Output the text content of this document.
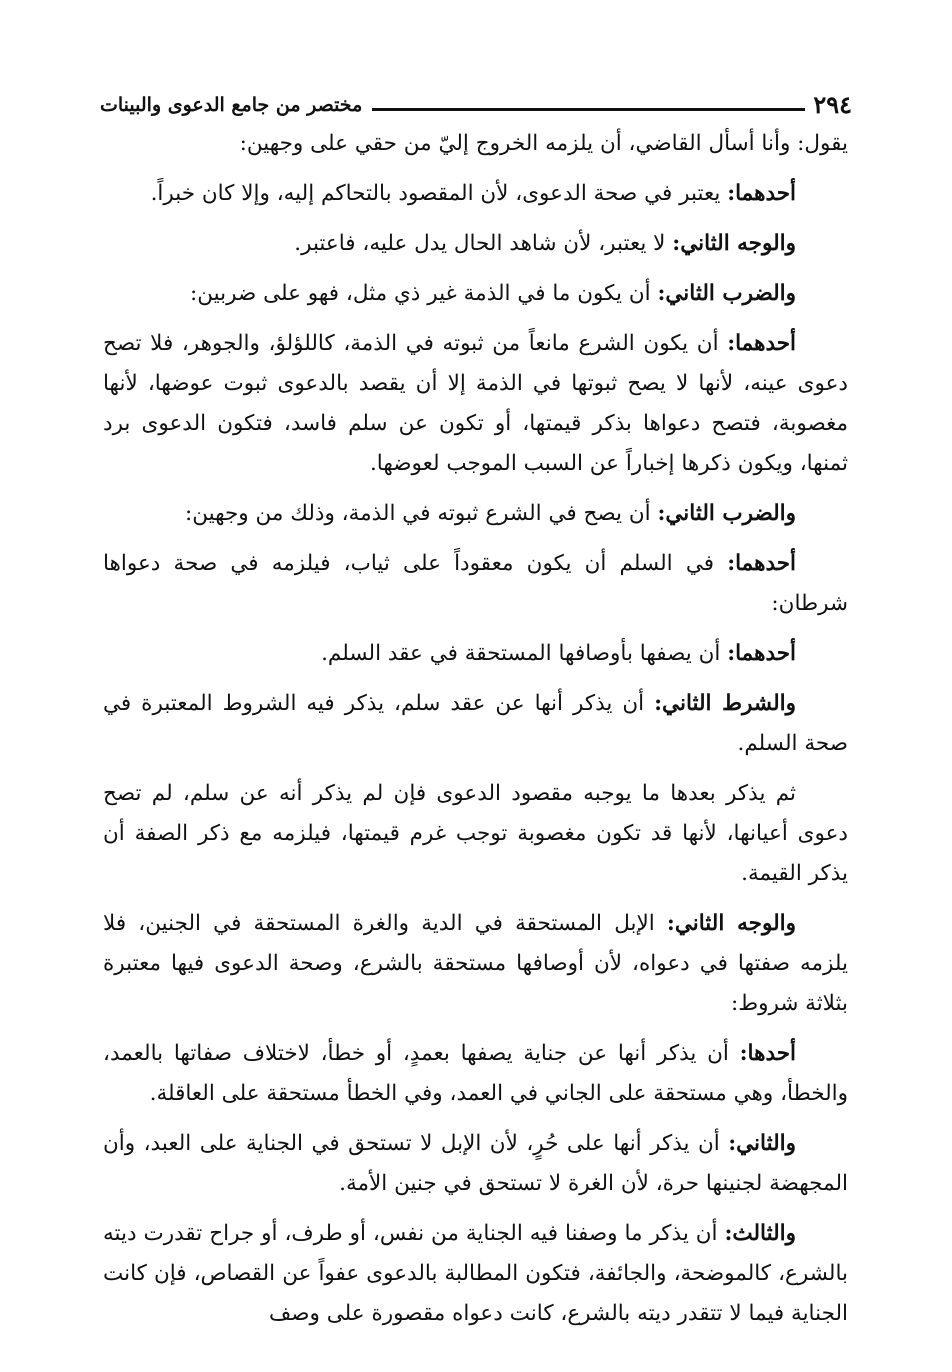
٢٩٤
مختصر من جامع الدعوى والبينات

يقول: وأنا أسأل القاضي، أن يلزمه الخروج إليّ من حقي على وجهين:

أحدهما: يعتبر في صحة الدعوى، لأن المقصود بالتحاكم إليه، وإلا كان خبراً.

والوجه الثاني: لا يعتبر، لأن شاهد الحال يدل عليه، فاعتبر.

والضرب الثاني: أن يكون ما في الذمة غير ذي مثل، فهو على ضربين:

أحدهما: أن يكون الشرع مانعاً من ثبوته في الذمة، كاللؤلؤ، والجوهر، فلا تصح دعوى عينه، لأنها لا يصح ثبوتها في الذمة إلا أن يقصد بالدعوى ثبوت عوضها، لأنها مغصوبة، فتصح دعواها بذكر قيمتها، أو تكون عن سلم فاسد، فتكون الدعوى برد ثمنها، ويكون ذكرها إخباراً عن السبب الموجب لعوضها.

والضرب الثاني: أن يصح في الشرع ثبوته في الذمة، وذلك من وجهين:

أحدهما: في السلم أن يكون معقوداً على ثياب، فيلزمه في صحة دعواها شرطان:

أحدهما: أن يصفها بأوصافها المستحقة في عقد السلم.

والشرط الثاني: أن يذكر أنها عن عقد سلم، يذكر فيه الشروط المعتبرة في صحة السلم.

ثم يذكر بعدها ما يوجبه مقصود الدعوى فإن لم يذكر أنه عن سلم، لم تصح دعوى أعيانها، لأنها قد تكون مغصوبة توجب غرم قيمتها، فيلزمه مع ذكر الصفة أن يذكر القيمة.

والوجه الثاني: الإبل المستحقة في الدية والغرة المستحقة في الجنين، فلا يلزمه صفتها في دعواه، لأن أوصافها مستحقة بالشرع، وصحة الدعوى فيها معتبرة بثلاثة شروط:

أحدها: أن يذكر أنها عن جناية يصفها بعمدٍ، أو خطأ، لاختلاف صفاتها بالعمد، والخطأ، وهي مستحقة على الجاني في العمد، وفي الخطأ مستحقة على العاقلة.

والثاني: أن يذكر أنها على حُرٍ، لأن الإبل لا تستحق في الجناية على العبد، وأن المجهضة لجنينها حرة، لأن الغرة لا تستحق في جنين الأمة.

والثالث: أن يذكر ما وصفنا فيه الجناية من نفس، أو طرف، أو جراح تقدرت ديته بالشرع، كالموضحة، والجائفة، فتكون المطالبة بالدعوى عفواً عن القصاص، فإن كانت الجناية فيما لا تتقدر ديته بالشرع، كانت دعواه مقصورة على وصف
